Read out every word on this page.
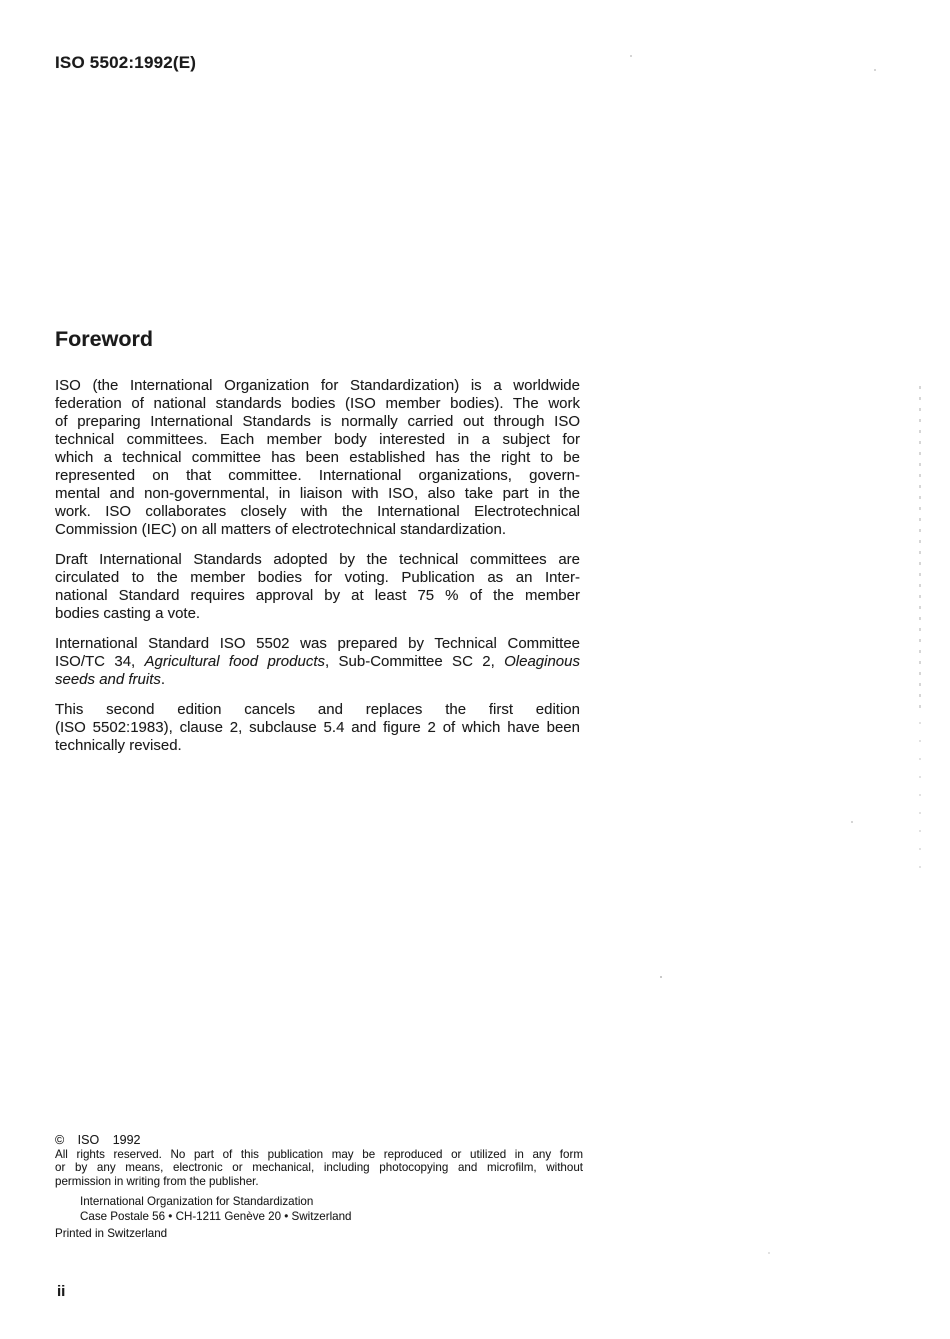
ISO 5502:1992(E)
Foreword
ISO (the International Organization for Standardization) is a worldwide
federation of national standards bodies (ISO member bodies). The work
of preparing International Standards is normally carried out through ISO
technical committees. Each member body interested in a subject for
which a technical committee has been established has the right to be
represented on that committee. International organizations, govern-
mental and non-governmental, in liaison with ISO, also take part in the
work. ISO collaborates closely with the International Electrotechnical
Commission (IEC) on all matters of electrotechnical standardization.
Draft International Standards adopted by the technical committees are
circulated to the member bodies for voting. Publication as an Inter-
national Standard requires approval by at least 75 % of the member
bodies casting a vote.
International Standard ISO 5502 was prepared by Technical Committee
ISO/TC 34, Agricultural food products, Sub-Committee SC 2, Oleaginous
seeds and fruits.
This second edition cancels and replaces the first edition
(ISO 5502:1983), clause 2, subclause 5.4 and figure 2 of which have been
technically revised.
© ISO 1992
All rights reserved. No part of this publication may be reproduced or utilized in any form
or by any means, electronic or mechanical, including photocopying and microfilm, without
permission in writing from the publisher.
International Organization for Standardization
Case Postale 56 • CH-1211 Genève 20 • Switzerland
Printed in Switzerland
ii
